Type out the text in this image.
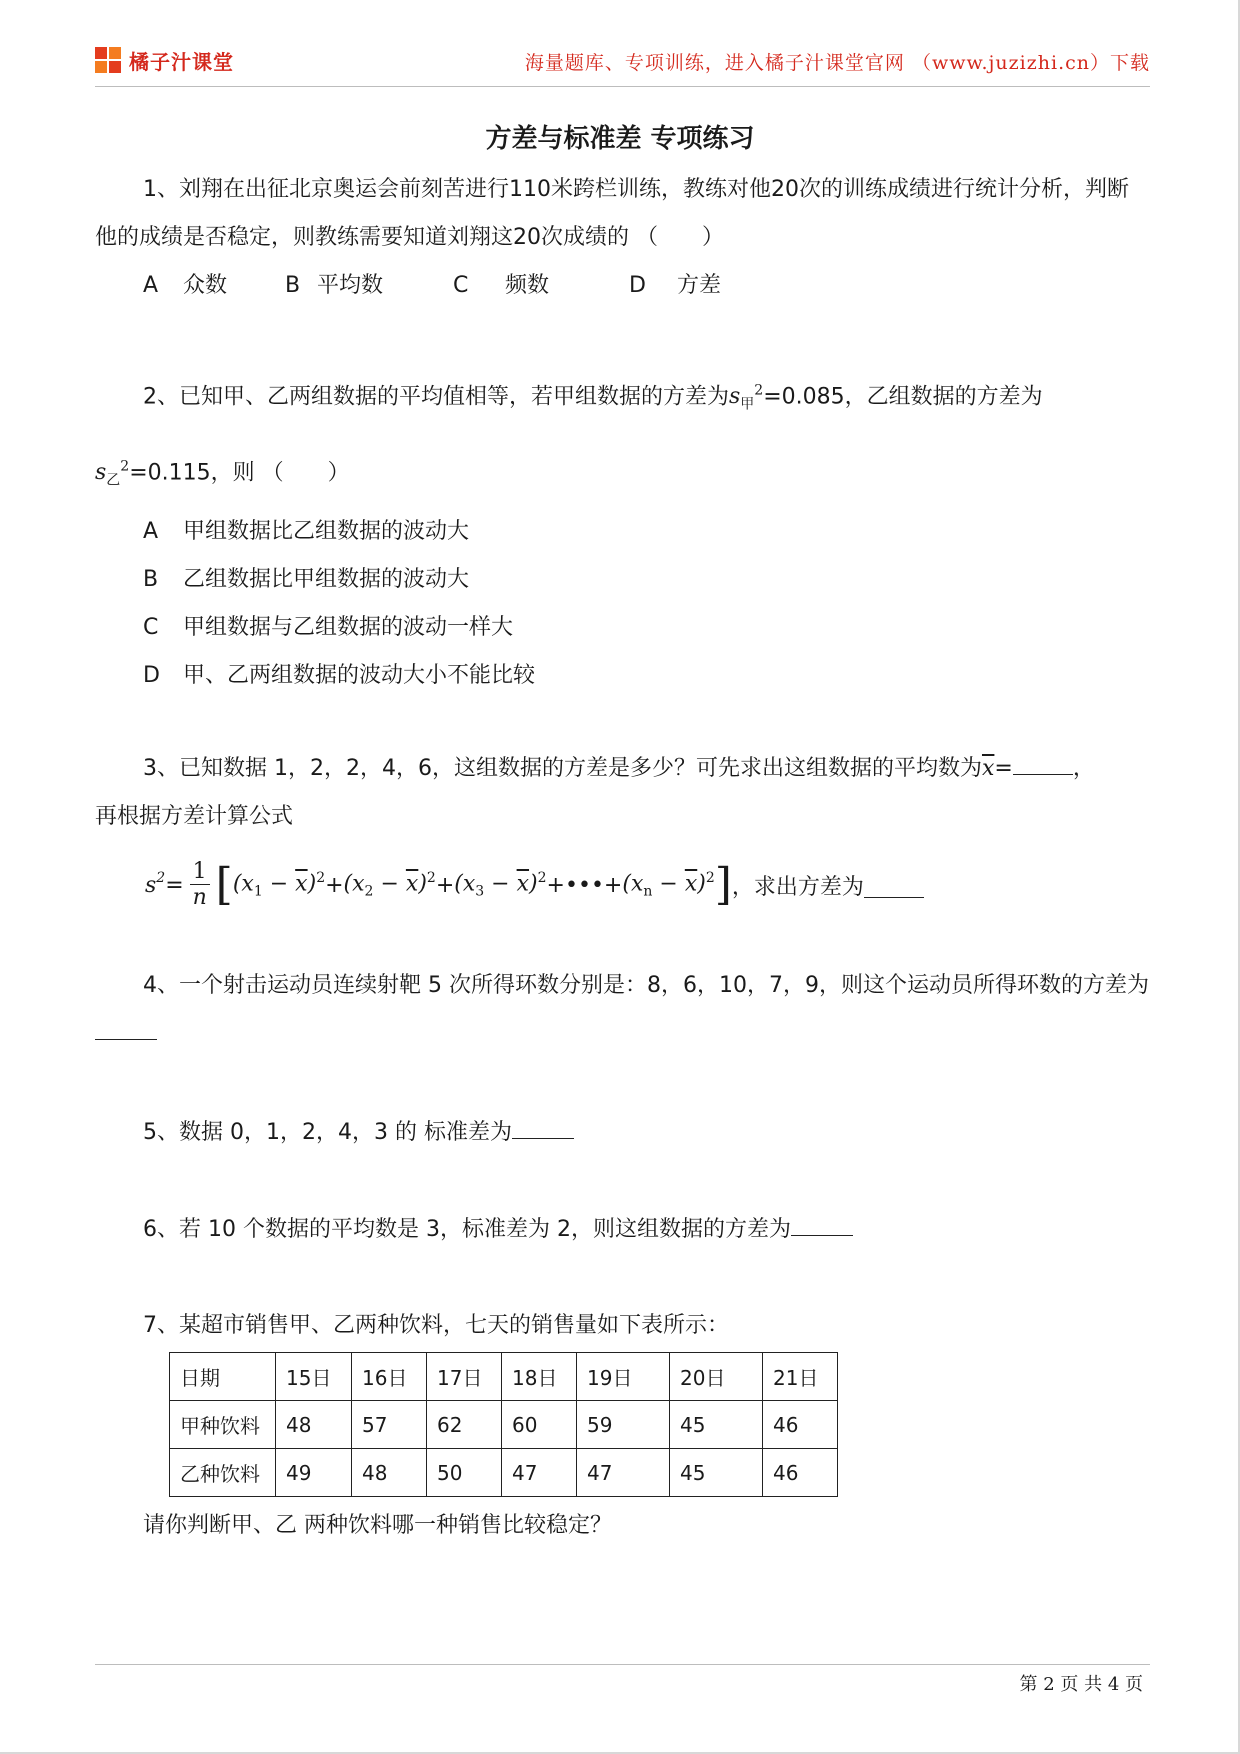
橘子汁课堂	海量题库、专项训练，进入橘子汁课堂官网 （www.juzizhi.cn）下载
方差与标准差 专项练习

1、刘翔在出征北京奥运会前刻苦进行110米跨栏训练，教练对他20次的训练成绩进行统计分析，判断他的成绩是否稳定，则教练需要知道刘翔这20次成绩的 （　　）

A	众数	B 平均数	C	频数	D	方差

2、已知甲、乙两组数据的平均值相等，若甲组数据的方差为$s_甲^2=0.085$，乙组数据的方差为

$s_乙^2=0.115$，则 （　　）

A 甲组数据比乙组数据的波动大
B 乙组数据比甲组数据的波动大
C 甲组数据与乙组数据的波动一样大
D 甲、乙两组数据的波动大小不能比较

3、已知数据 1，2，2，4，6，这组数据的方差是多少？可先求出这组数据的平均数为$\overline{x}=$	，

再根据方差计算公式

$s^2 = \frac{1}{n}$ [ $(x_1 - \overline{x})^2 + (x_2 - \overline{x})^2 + (x_3 - \overline{x})^2$ + ••• + $(x_n - \overline{x})^2$ ] ，求出方差为

4、一个射击运动员连续射靶 5 次所得环数分别是：8，6，10，7，9，则这个运动员所得环数的方差为

5、数据 0，1，2，4，3 的 标准差为

6、若 10 个数据的平均数是 3，标准差为 2，则这组数据的方差为

7、某超市销售甲、乙两种饮料，七天的销售量如下表所示：

日期	15日	16日	17日	18日	19日	20日	21日
甲种饮料	48	57	62	60	59	45	46
乙种饮料	49	48	50	47	47	45	46

请你判断甲、乙 两种饮料哪一种销售比较稳定？

第 2 页 共 4 页
